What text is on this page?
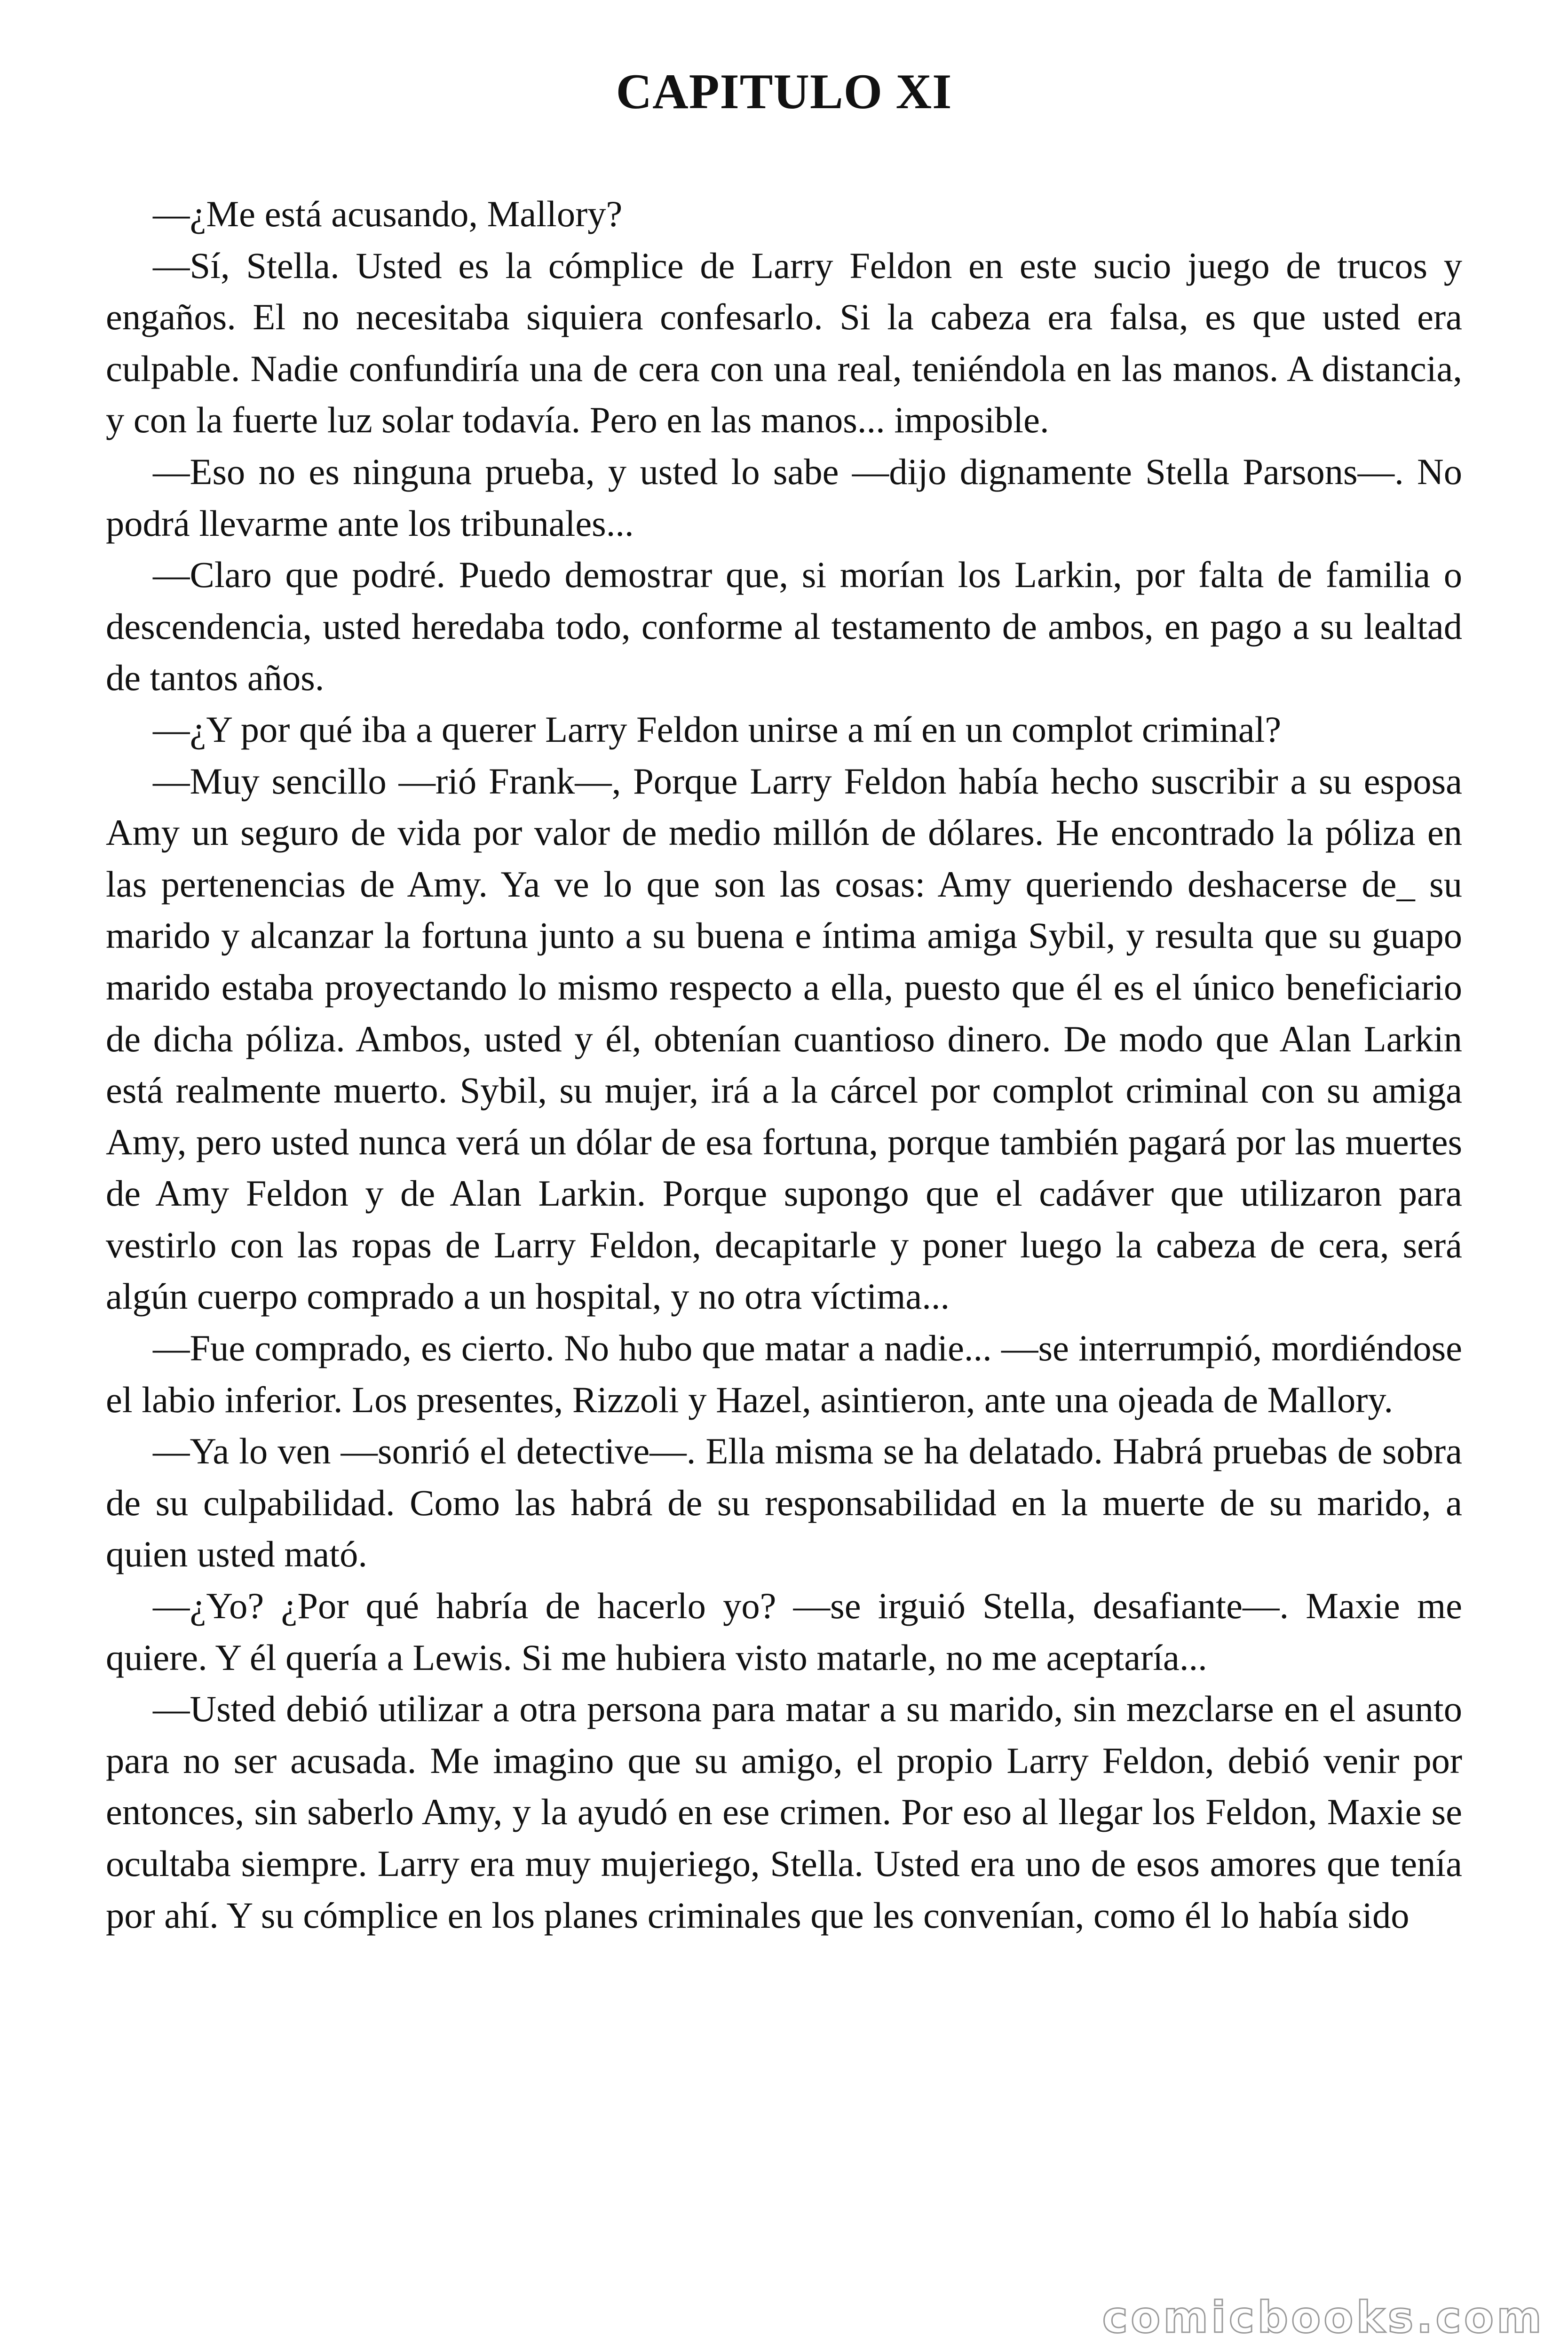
CAPITULO XI

—¿Me está acusando, Mallory?

—Sí, Stella. Usted es la cómplice de Larry Feldon en este sucio juego de trucos y engaños. El no necesitaba siquiera confesarlo. Si la cabeza era falsa, es que usted era culpable. Nadie confundiría una de cera con una real, teniéndola en las manos. A distancia, y con la fuerte luz solar todavía. Pero en las manos... imposible.

—Eso no es ninguna prueba, y usted lo sabe —dijo dignamente Stella Parsons—. No podrá llevarme ante los tribunales...

—Claro que podré. Puedo demostrar que, si morían los Larkin, por falta de familia o descendencia, usted heredaba todo, conforme al testamento de ambos, en pago a su lealtad de tantos años.

—¿Y por qué iba a querer Larry Feldon unirse a mí en un complot criminal?

—Muy sencillo —rió Frank—, Porque Larry Feldon había hecho suscribir a su esposa Amy un seguro de vida por valor de medio millón de dólares. He encontrado la póliza en las pertenencias de Amy. Ya ve lo que son las cosas: Amy queriendo deshacerse de_ su marido y alcanzar la fortuna junto a su buena e íntima amiga Sybil, y resulta que su guapo marido estaba proyectando lo mismo respecto a ella, puesto que él es el único beneficiario de dicha póliza. Ambos, usted y él, obtenían cuantioso dinero. De modo que Alan Larkin está realmente muerto. Sybil, su mujer, irá a la cárcel por complot criminal con su amiga Amy, pero usted nunca verá un dólar de esa fortuna, porque también pagará por las muertes de Amy Feldon y de Alan Larkin. Porque supongo que el cadáver que utilizaron para vestirlo con las ropas de Larry Feldon, decapitarle y poner luego la cabeza de cera, será algún cuerpo comprado a un hospital, y no otra víctima...

—Fue comprado, es cierto. No hubo que matar a nadie... —se interrumpió, mordiéndose el labio inferior. Los presentes, Rizzoli y Hazel, asintieron, ante una ojeada de Mallory.

—Ya lo ven —sonrió el detective—. Ella misma se ha delatado. Habrá pruebas de sobra de su culpabilidad. Como las habrá de su responsabilidad en la muerte de su marido, a quien usted mató.

—¿Yo? ¿Por qué habría de hacerlo yo? —se irguió Stella, desafiante—. Maxie me quiere. Y él quería a Lewis. Si me hubiera visto matarle, no me aceptaría...

—Usted debió utilizar a otra persona para matar a su marido, sin mezclarse en el asunto para no ser acusada. Me imagino que su amigo, el propio Larry Feldon, debió venir por entonces, sin saberlo Amy, y la ayudó en ese crimen. Por eso al llegar los Feldon, Maxie se ocultaba siempre. Larry era muy mujeriego, Stella. Usted era uno de esos amores que tenía por ahí. Y su cómplice en los planes criminales que les convenían, como él lo había sido

comicbooks.com
